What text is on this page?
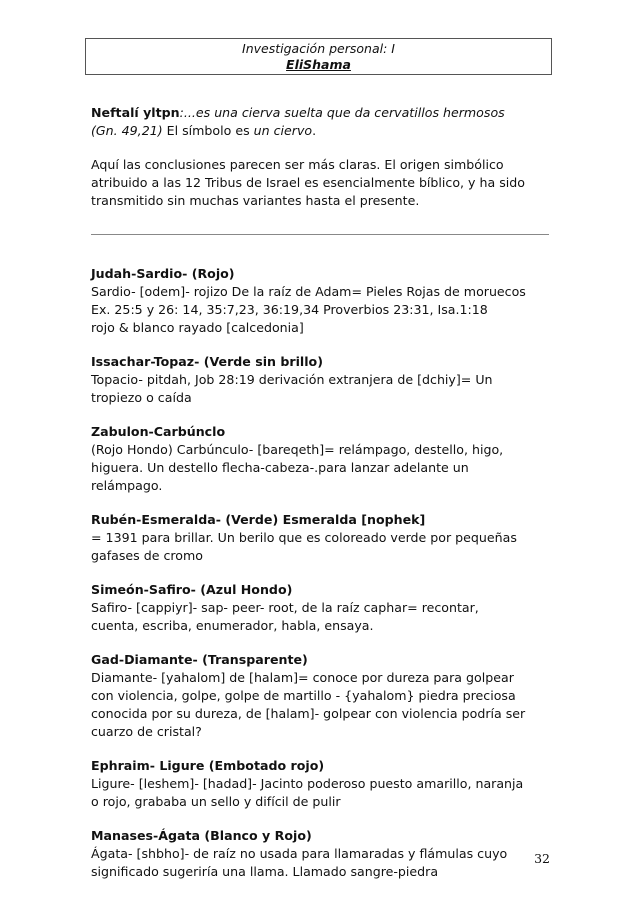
Investigación personal: I
EliShama

Neftalí yltpn:...es una cierva suelta que da cervatillos hermosos
(Gn. 49,21) El símbolo es un ciervo.

Aquí las conclusiones parecen ser más claras. El origen simbólico atribuido a las 12 Tribus de Israel es esencialmente bíblico, y ha sido transmitido sin muchas variantes hasta el presente.

Judah-Sardio- (Rojo)
Sardio- [odem]- rojizo De la raíz de Adam= Pieles Rojas de moruecos
Ex. 25:5 y 26: 14, 35:7,23, 36:19,34 Proverbios 23:31, Isa.1:18
rojo & blanco rayado [calcedonia]
Issachar-Topaz- (Verde sin brillo)
Topacio- pitdah, Job 28:19 derivación extranjera de [dchiy]= Un
tropiezo o caída
Zabulon-Carbúnclo
(Rojo Hondo) Carbúnculo- [bareqeth]= relámpago, destello, higo,
higuera. Un destello flecha-cabeza-.para lanzar adelante un
relámpago.
Rubén-Esmeralda- (Verde) Esmeralda [nophek]
= 1391 para brillar. Un berilo que es coloreado verde por pequeñas
gafases de cromo
Simeón-Safiro- (Azul Hondo)
Safiro- [cappiyr]- sap- peer- root, de la raíz caphar= recontar,
cuenta, escriba, enumerador, habla, ensaya.
Gad-Diamante- (Transparente)
Diamante- [yahalom] de [halam]= conoce por dureza para golpear
con violencia, golpe, golpe de martillo - {yahalom} piedra preciosa
conocida por su dureza, de [halam]- golpear con violencia podría ser
cuarzo de cristal?
Ephraim- Ligure (Embotado rojo)
Ligure- [leshem]- [hadad]- Jacinto poderoso puesto amarillo, naranja
o rojo, grababa un sello y difícil de pulir
Manases-Ágata (Blanco y Rojo)
Ágata- [shbho]- de raíz no usada para llamaradas y flámulas cuyo
significado sugeriría una llama. Llamado sangre-piedra
32
